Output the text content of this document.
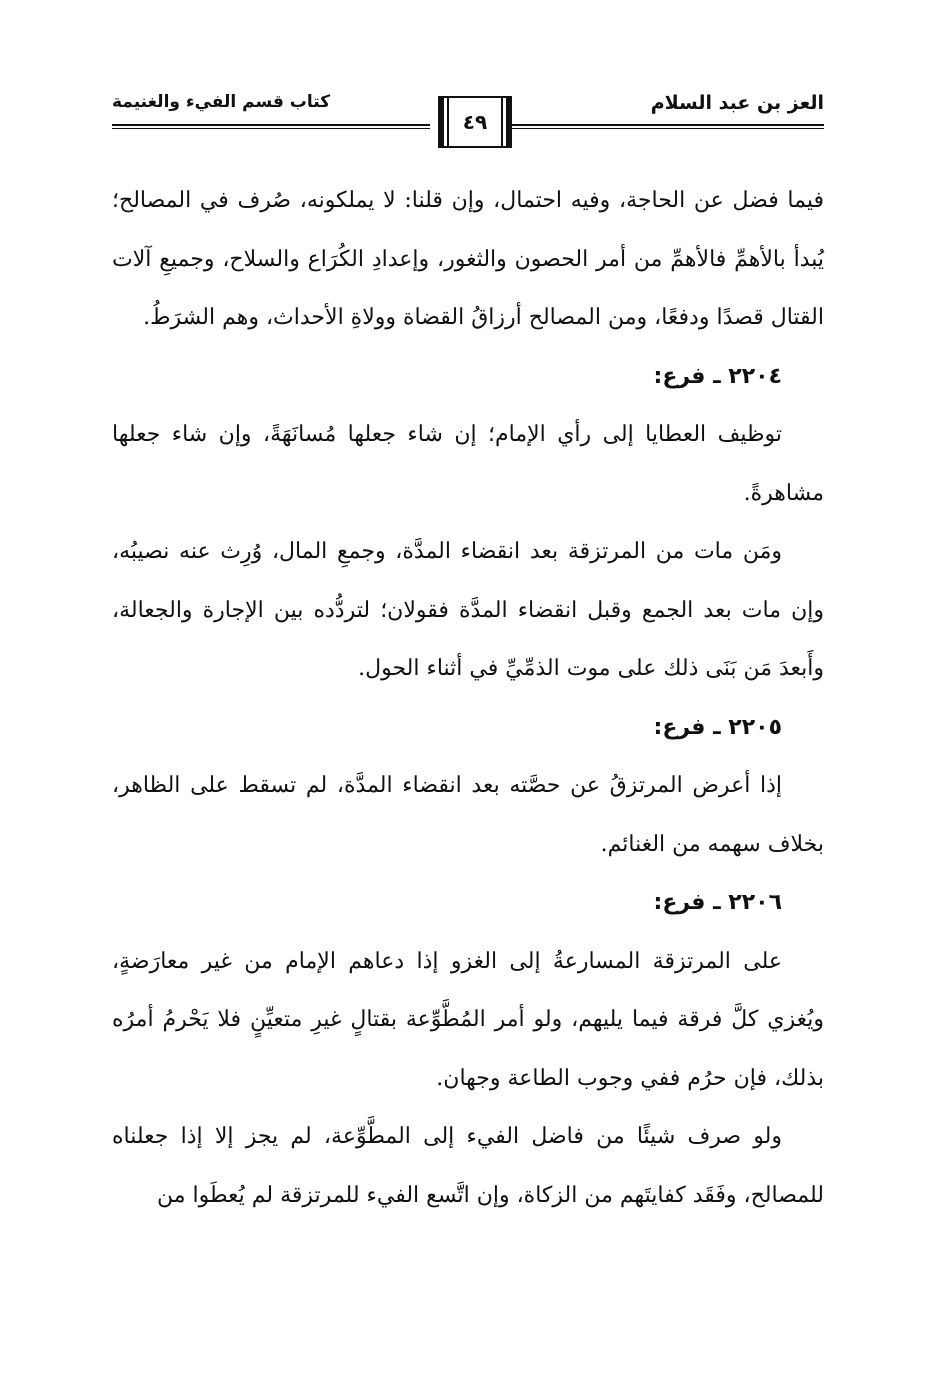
العز بن عبد السلام
٤٩
كتاب قسم الفيء والغنيمة

فيما فضل عن الحاجة، وفيه احتمال، وإن قلنا: لا يملكونه، صُرف في المصالح؛ يُبدأ بالأهمِّ فالأهمِّ من أمر الحصون والثغور، وإعدادِ الكُرَاع والسلاح، وجميعِ آلات القتال قصدًا ودفعًا، ومن المصالح أرزاقُ القضاة وولاةِ الأحداث، وهم الشرَطُ.

٢٢٠٤ ـ فرع:

توظيف العطايا إلى رأي الإمام؛ إن شاء جعلها مُسانَهَةً، وإن شاء جعلها مشاهرةً.

ومَن مات من المرتزقة بعد انقضاء المدَّة، وجمعِ المال، وُرِث عنه نصيبُه، وإن مات بعد الجمع وقبل انقضاء المدَّة فقولان؛ لتردُّده بين الإجارة والجعالة، وأَبعدَ مَن بَنَى ذلك على موت الذمِّيِّ في أثناء الحول.

٢٢٠٥ ـ فرع:

إذا أعرض المرتزقُ عن حصَّته بعد انقضاء المدَّة، لم تسقط على الظاهر، بخلاف سهمه من الغنائم.

٢٢٠٦ ـ فرع:

على المرتزقة المسارعةُ إلى الغزو إذا دعاهم الإمام من غير معارَضةٍ، ويُغزي كلَّ فرقة فيما يليهم، ولو أمر المُطَّوِّعة بقتالٍ غيرِ متعيِّنٍ فلا يَحْرمُ أمرُه بذلك، فإن حرُم ففي وجوب الطاعة وجهان.

ولو صرف شيئًا من فاضل الفيء إلى المطَّوِّعة، لم يجز إلا إذا جعلناه للمصالح، وفَقَد كفايتَهم من الزكاة، وإن اتَّسع الفيء للمرتزقة لم يُعطَوا من
